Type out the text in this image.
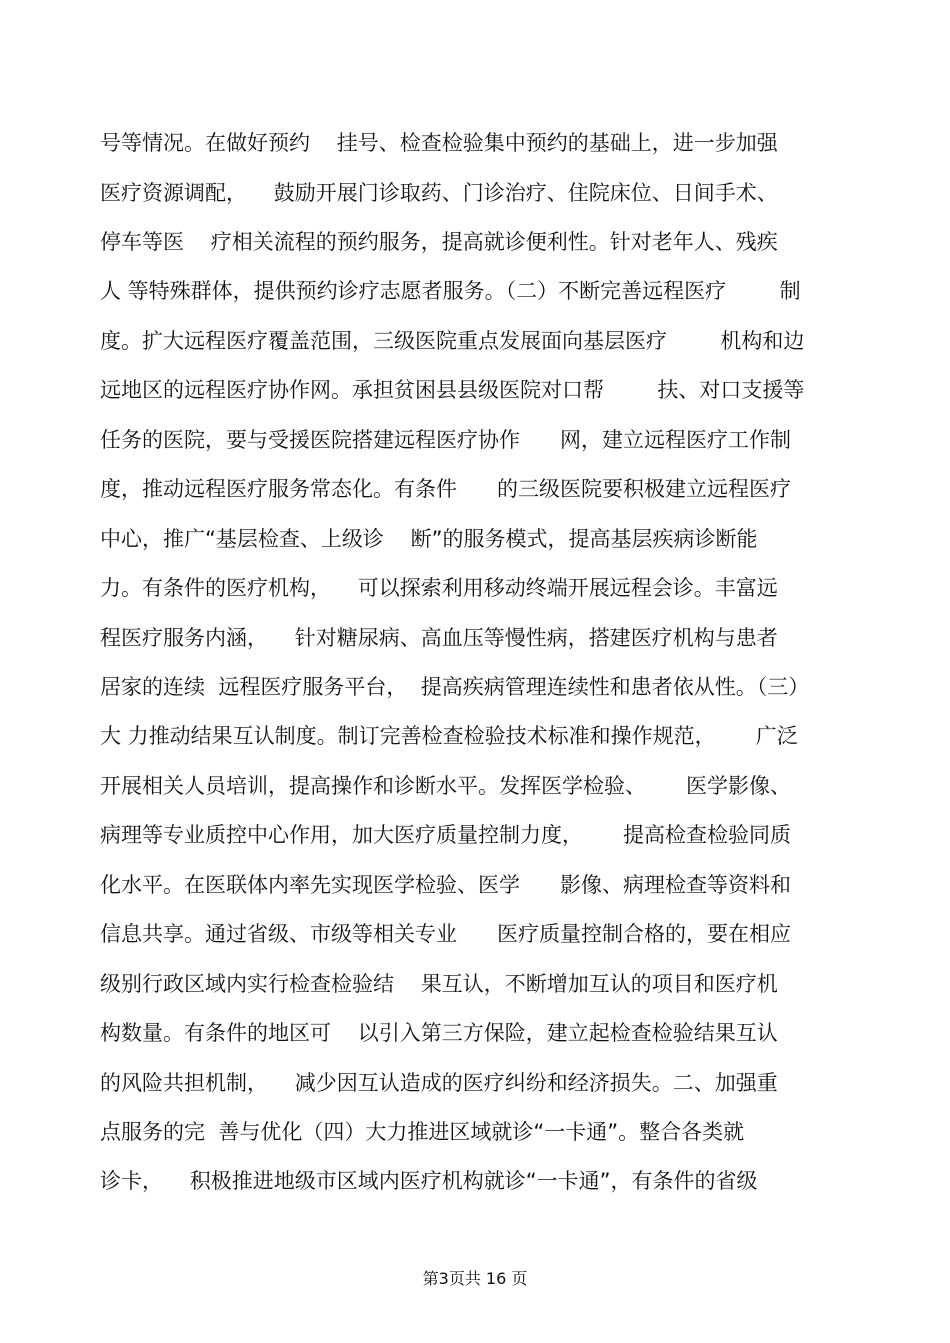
号等情况。在做好预约    挂号、检查检验集中预约的基础上，进一步加强
医疗资源调配，    鼓励开展门诊取药、门诊治疗、住院床位、日间手术、
停车等医    疗相关流程的预约服务，提高就诊便利性。针对老年人、残疾
人 等特殊群体，提供预约诊疗志愿者服务。（二）不断完善远程医疗        制
度。扩大远程医疗覆盖范围，三级医院重点发展面向基层医疗        机构和边
远地区的远程医疗协作网。承担贫困县县级医院对口帮        扶、对口支援等
任务的医院，要与受援医院搭建远程医疗协作      网，建立远程医疗工作制
度，推动远程医疗服务常态化。有条件      的三级医院要积极建立远程医疗
中心，推广“基层检查、上级诊    断”的服务模式，提高基层疾病诊断能
力。有条件的医疗机构，    可以探索利用移动终端开展远程会诊。丰富远
程医疗服务内涵，    针对糖尿病、高血压等慢性病，搭建医疗机构与患者
居家的连续  远程医疗服务平台，  提高疾病管理连续性和患者依从性。（三）
大 力推动结果互认制度。制订完善检查检验技术标准和操作规范，      广泛
开展相关人员培训，提高操作和诊断水平。发挥医学检验、      医学影像、
病理等专业质控中心作用，加大医疗质量控制力度，      提高检查检验同质
化水平。在医联体内率先实现医学检验、医学      影像、病理检查等资料和
信息共享。通过省级、市级等相关专业      医疗质量控制合格的，要在相应
级别行政区域内实行检查检验结    果互认，不断增加互认的项目和医疗机
构数量。有条件的地区可    以引入第三方保险，建立起检查检验结果互认
的风险共担机制，    减少因互认造成的医疗纠纷和经济损失。二、加强重
点服务的完  善与优化（四）大力推进区域就诊“一卡通”。整合各类就
诊卡，    积极推进地级市区域内医疗机构就诊“一卡通”，有条件的省级
第3页共 16 页
